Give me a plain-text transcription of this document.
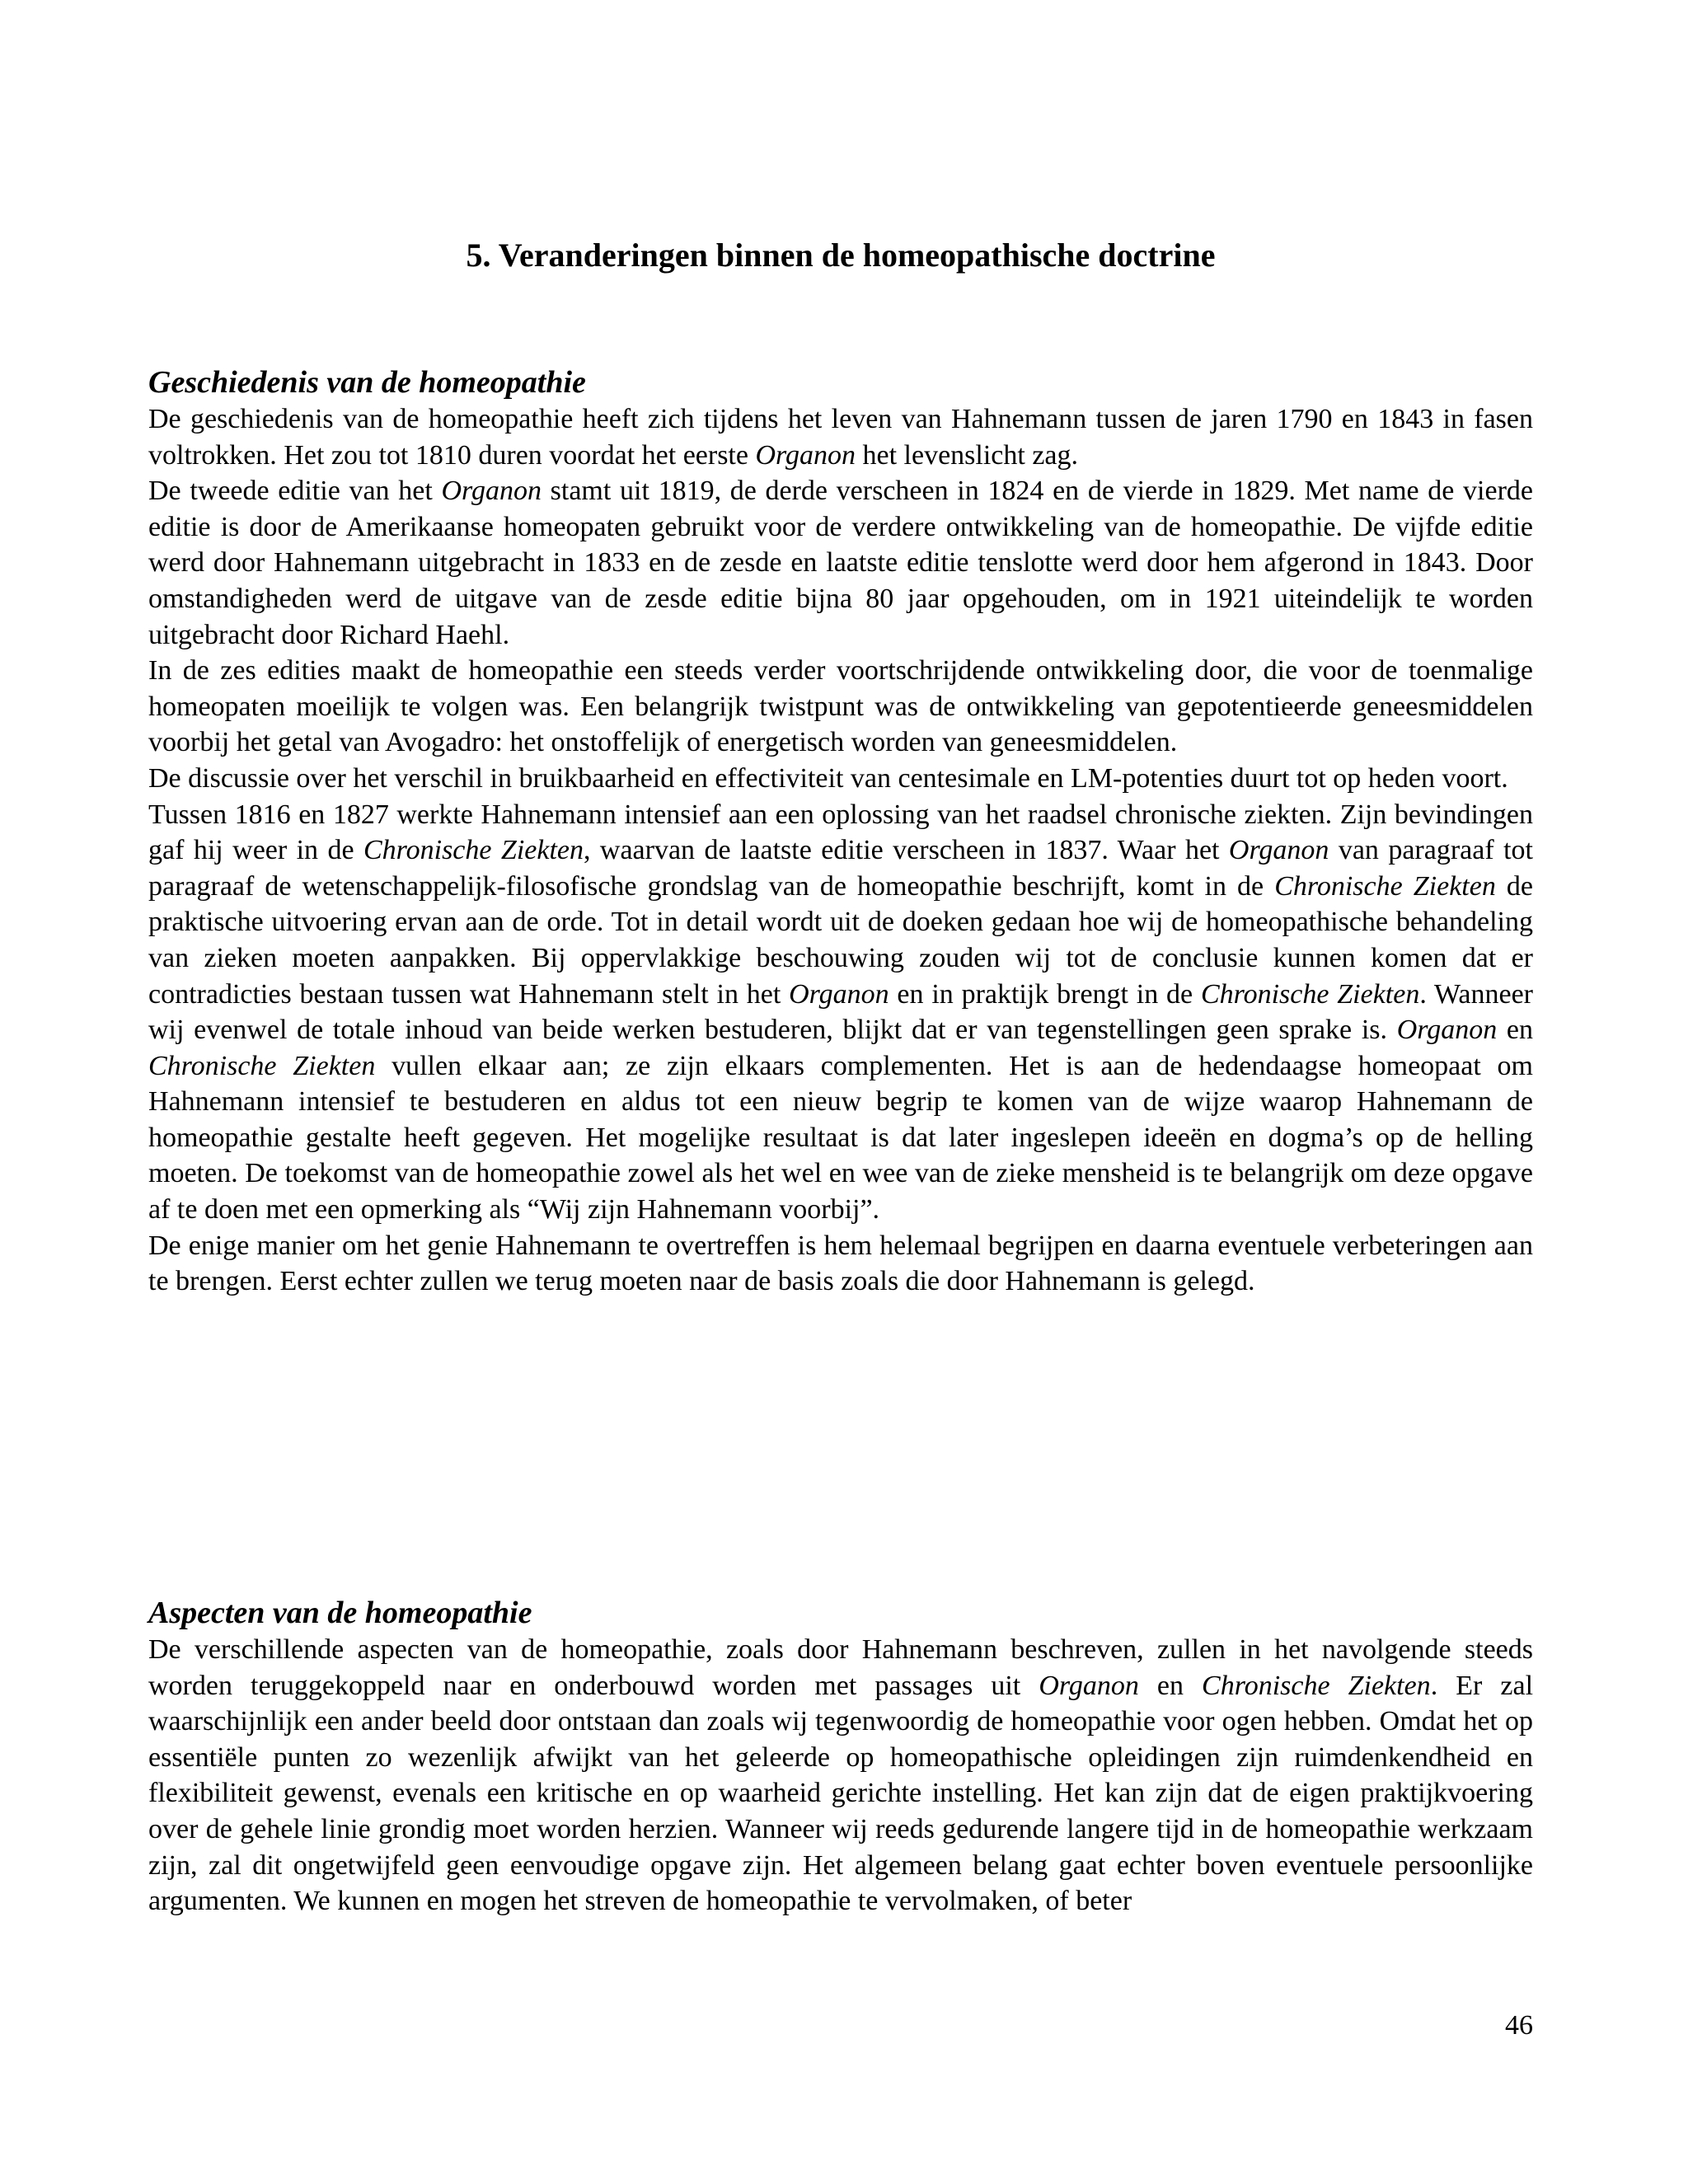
5. Veranderingen binnen de homeopathische doctrine
Geschiedenis van de homeopathie

De geschiedenis van de homeopathie heeft zich tijdens het leven van Hahnemann tussen de jaren 1790 en 1843 in fasen voltrokken. Het zou tot 1810 duren voordat het eerste Organon het levenslicht zag.

De tweede editie van het Organon stamt uit 1819, de derde verscheen in 1824 en de vierde in 1829. Met name de vierde editie is door de Amerikaanse homeopaten gebruikt voor de verdere ontwikkeling van de homeopathie. De vijfde editie werd door Hahnemann uitgebracht in 1833 en de zesde en laatste editie tenslotte werd door hem afgerond in 1843. Door omstandigheden werd de uitgave van de zesde editie bijna 80 jaar opgehouden, om in 1921 uiteindelijk te worden uitgebracht door Richard Haehl.

In de zes edities maakt de homeopathie een steeds verder voortschrijdende ontwikkeling door, die voor de toenmalige homeopaten moeilijk te volgen was. Een belangrijk twistpunt was de ontwikkeling van gepotentieerde geneesmiddelen voorbij het getal van Avogadro: het onstoffelijk of energetisch worden van geneesmiddelen.

De discussie over het verschil in bruikbaarheid en effectiviteit van centesimale en LM-potenties duurt tot op heden voort.

Tussen 1816 en 1827 werkte Hahnemann intensief aan een oplossing van het raadsel chronische ziekten. Zijn bevindingen gaf hij weer in de Chronische Ziekten, waarvan de laatste editie verscheen in 1837. Waar het Organon van paragraaf tot paragraaf de wetenschappelijk-filosofische grondslag van de homeopathie beschrijft, komt in de Chronische Ziekten de praktische uitvoering ervan aan de orde. Tot in detail wordt uit de doeken gedaan hoe wij de homeopathische behandeling van zieken moeten aanpakken. Bij oppervlakkige beschouwing zouden wij tot de conclusie kunnen komen dat er contradicties bestaan tussen wat Hahnemann stelt in het Organon en in praktijk brengt in de Chronische Ziekten. Wanneer wij evenwel de totale inhoud van beide werken bestuderen, blijkt dat er van tegenstellingen geen sprake is. Organon en Chronische Ziekten vullen elkaar aan; ze zijn elkaars complementen. Het is aan de hedendaagse homeopaat om Hahnemann intensief te bestuderen en aldus tot een nieuw begrip te komen van de wijze waarop Hahnemann de homeopathie gestalte heeft gegeven. Het mogelijke resultaat is dat later ingeslepen ideeën en dogma’s op de helling moeten. De toekomst van de homeopathie zowel als het wel en wee van de zieke mensheid is te belangrijk om deze opgave af te doen met een opmerking als “Wij zijn Hahnemann voorbij”.

De enige manier om het genie Hahnemann te overtreffen is hem helemaal begrijpen en daarna eventuele verbeteringen aan te brengen. Eerst echter zullen we terug moeten naar de basis zoals die door Hahnemann is gelegd.

Aspecten van de homeopathie

De verschillende aspecten van de homeopathie, zoals door Hahnemann beschreven, zullen in het navolgende steeds worden teruggekoppeld naar en onderbouwd worden met passages uit Organon en Chronische Ziekten. Er zal waarschijnlijk een ander beeld door ontstaan dan zoals wij tegenwoordig de homeopathie voor ogen hebben. Omdat het op essentiële punten zo wezenlijk afwijkt van het geleerde op homeopathische opleidingen zijn ruimdenkendheid en flexibiliteit gewenst, evenals een kritische en op waarheid gerichte instelling. Het kan zijn dat de eigen praktijkvoering over de gehele linie grondig moet worden herzien. Wanneer wij reeds gedurende langere tijd in de homeopathie werkzaam zijn, zal dit ongetwijfeld geen eenvoudige opgave zijn. Het algemeen belang gaat echter boven eventuele persoonlijke argumenten. We kunnen en mogen het streven de homeopathie te vervolmaken, of beter

46
